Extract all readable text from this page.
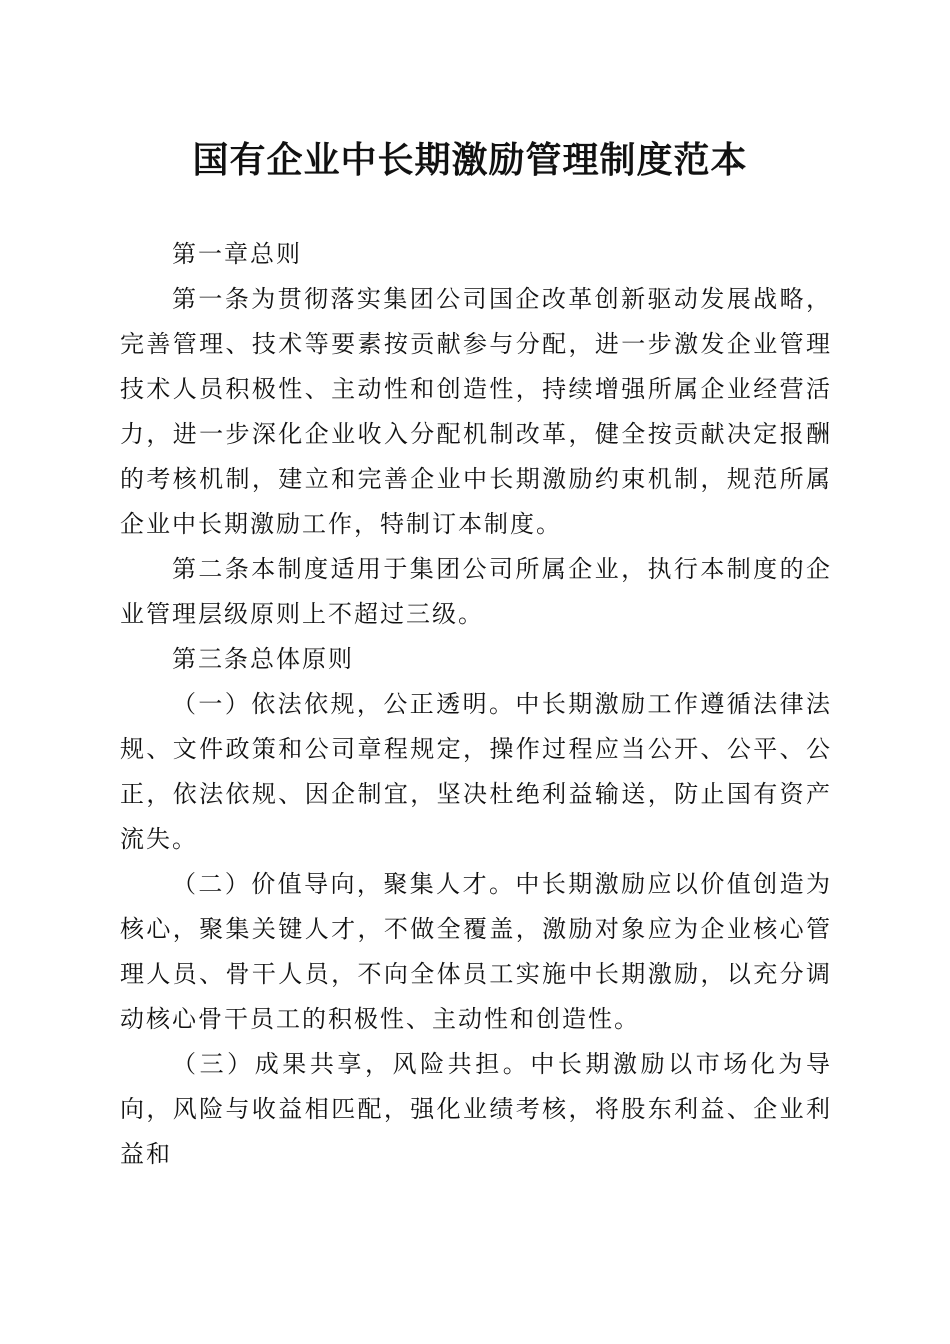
国有企业中长期激励管理制度范本

第一章总则

第一条为贯彻落实集团公司国企改革创新驱动发展战略，完善管理、技术等要素按贡献参与分配，进一步激发企业管理技术人员积极性、主动性和创造性，持续增强所属企业经营活力，进一步深化企业收入分配机制改革，健全按贡献决定报酬的考核机制，建立和完善企业中长期激励约束机制，规范所属企业中长期激励工作，特制订本制度。

第二条本制度适用于集团公司所属企业，执行本制度的企业管理层级原则上不超过三级。

第三条总体原则

（一）依法依规，公正透明。中长期激励工作遵循法律法规、文件政策和公司章程规定，操作过程应当公开、公平、公正，依法依规、因企制宜，坚决杜绝利益输送，防止国有资产流失。

（二）价值导向，聚集人才。中长期激励应以价值创造为核心，聚集关键人才，不做全覆盖，激励对象应为企业核心管理人员、骨干人员，不向全体员工实施中长期激励，以充分调动核心骨干员工的积极性、主动性和创造性。

（三）成果共享，风险共担。中长期激励以市场化为导向，风险与收益相匹配，强化业绩考核，将股东利益、企业利益和
